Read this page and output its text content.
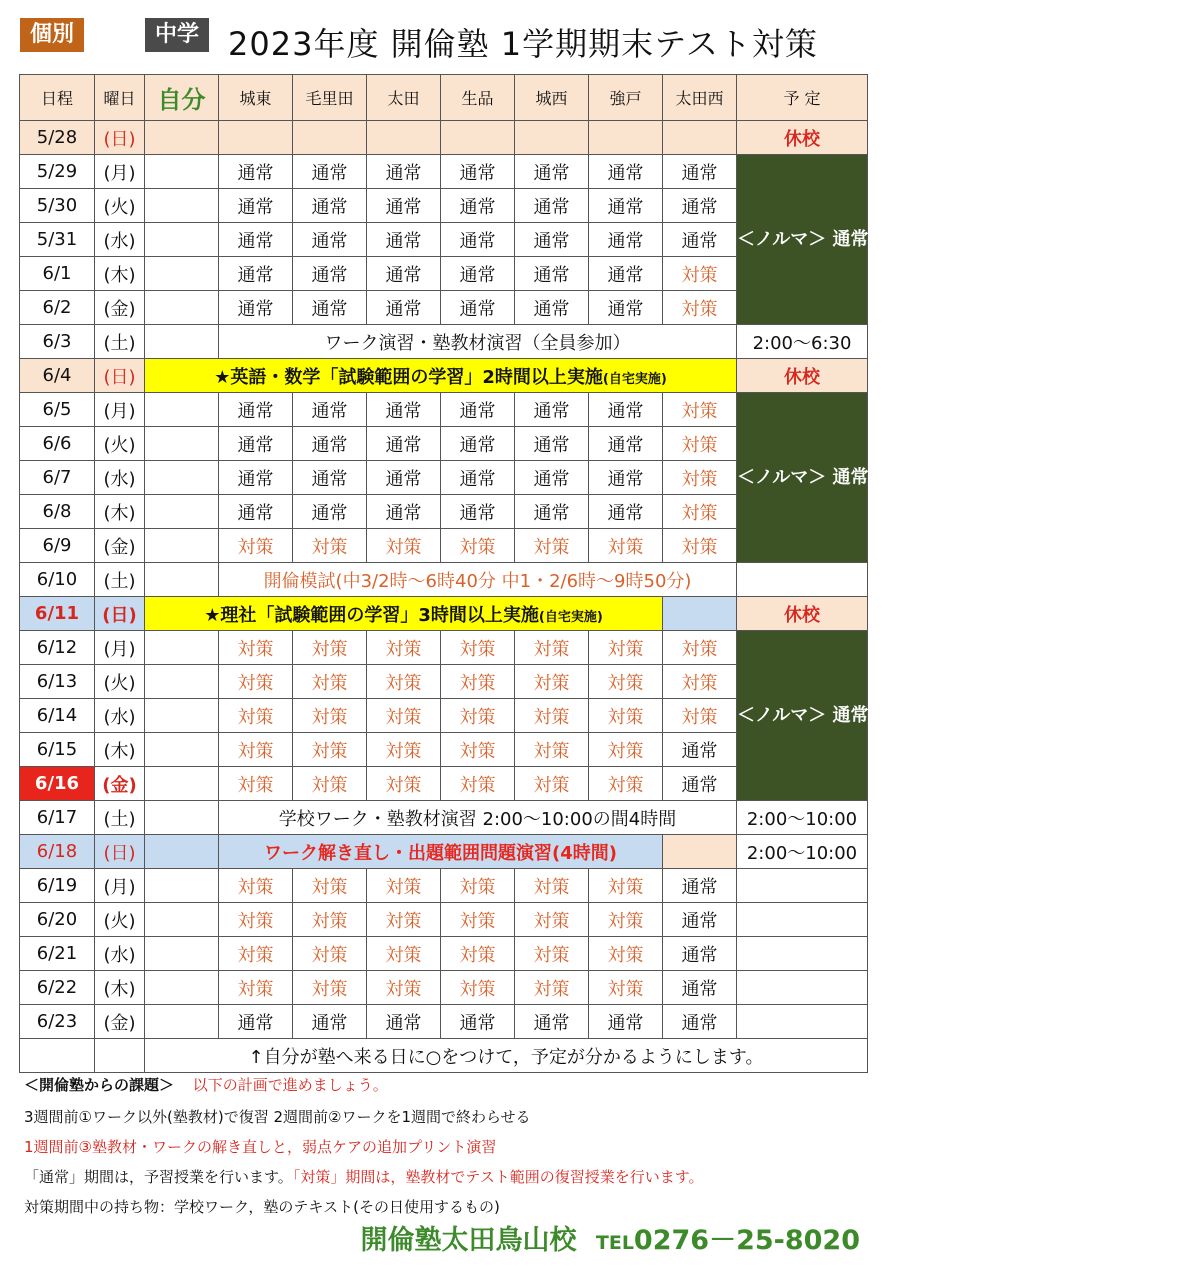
個別	中学 2023年度 開倫塾 1学期期末テスト対策
日程	曜日	自分	城東	毛里田	太田	生品	城西	強戸	太田西	予 定
5/28	(日)									休校
5/29	(月)		通常	通常	通常	通常	通常	通常	通常	＜ノルマ＞ 通常授業日 以外に2日 自習室利用 2時間実施
5/30	(火)		通常	通常	通常	通常	通常	通常	通常	
5/31	(水)		通常	通常	通常	通常	通常	通常	通常	
6/1	(木)		通常	通常	通常	通常	通常	通常	対策	
6/2	(金)		通常	通常	通常	通常	通常	通常	対策	
6/3	(土)		ワーク演習・塾教材演習（全員参加）							2:00～6:30
6/4	(日)	★英語・数学「試験範囲の学習」2時間以上実施(自宅実施)								休校
6/5	(月)		通常	通常	通常	通常	通常	通常	対策	＜ノルマ＞ 通常授業日 以外に2日 自習室利用 2時間実施
6/6	(火)		通常	通常	通常	通常	通常	通常	対策	
6/7	(水)		通常	通常	通常	通常	通常	通常	対策	
6/8	(木)		通常	通常	通常	通常	通常	通常	対策	
6/9	(金)		対策	対策	対策	対策	対策	対策	対策	
6/10	(土)		開倫模試(中3/2時～6時40分 中1・2/6時～9時50分)							
6/11	(日)	★理社「試験範囲の学習」3時間以上実施(自宅実施)								休校
6/12	(月)		対策	対策	対策	対策	対策	対策	対策	＜ノルマ＞ 通常授業日 以外に2日 自習室利用 2時間実施
6/13	(火)		対策	対策	対策	対策	対策	対策	対策	
6/14	(水)		対策	対策	対策	対策	対策	対策	対策	
6/15	(木)		対策	対策	対策	対策	対策	対策	通常	
6/16	(金)		対策	対策	対策	対策	対策	対策	通常	
6/17	(土)		学校ワーク・塾教材演習 2:00～10:00の間4時間							2:00～10:00
6/18	(日)		ワーク解き直し・出題範囲問題演習(4時間)							2:00～10:00
6/19	(月)		対策	対策	対策	対策	対策	対策	通常	
6/20	(火)		対策	対策	対策	対策	対策	対策	通常	
6/21	(水)		対策	対策	対策	対策	対策	対策	通常	
6/22	(木)		対策	対策	対策	対策	対策	対策	通常	
6/23	(金)		通常	通常	通常	通常	通常	通常	通常	
		↑自分が塾へ来る日に○をつけて，予定が分かるようにします。								
＜開倫塾からの課題＞ 以下の計画で進めましょう。
3週間前①ワーク以外(塾教材)で復習 2週間前②ワークを1週間で終わらせる
1週間前③塾教材・ワークの解き直しと，弱点ケアの追加プリント演習
「通常」期間は，予習授業を行います。「対策」期間は，塾教材でテスト範囲の復習授業を行います。
対策期間中の持ち物：学校ワーク，塾のテキスト(その日使用するもの)
開倫塾太田鳥山校 TEL0276－25-8020
